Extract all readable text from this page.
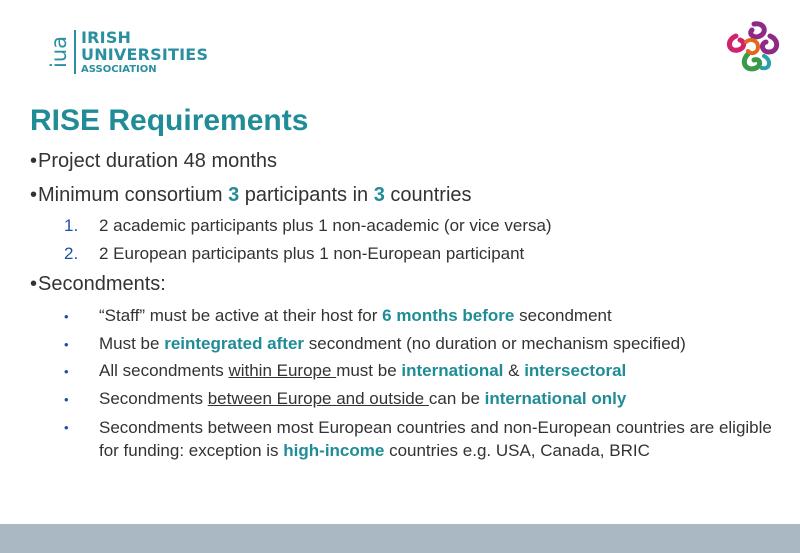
iua IRISH
UNIVERSITIES
ASSOCIATION
RISE Requirements
•Project duration 48 months
•Minimum consortium 3 participants in 3 countries
1. 2 academic participants plus 1 non-academic (or vice versa)
2. 2 European participants plus 1 non-European participant
•Secondments:
• “Staff” must be active at their host for 6 months before secondment
• Must be reintegrated after secondment (no duration or mechanism specified)
• All secondments within Europe must be international & intersectoral
• Secondments between Europe and outside can be international only
• Secondments between most European countries and non-European countries are eligible for funding: exception is high-income countries e.g. USA, Canada, BRIC
